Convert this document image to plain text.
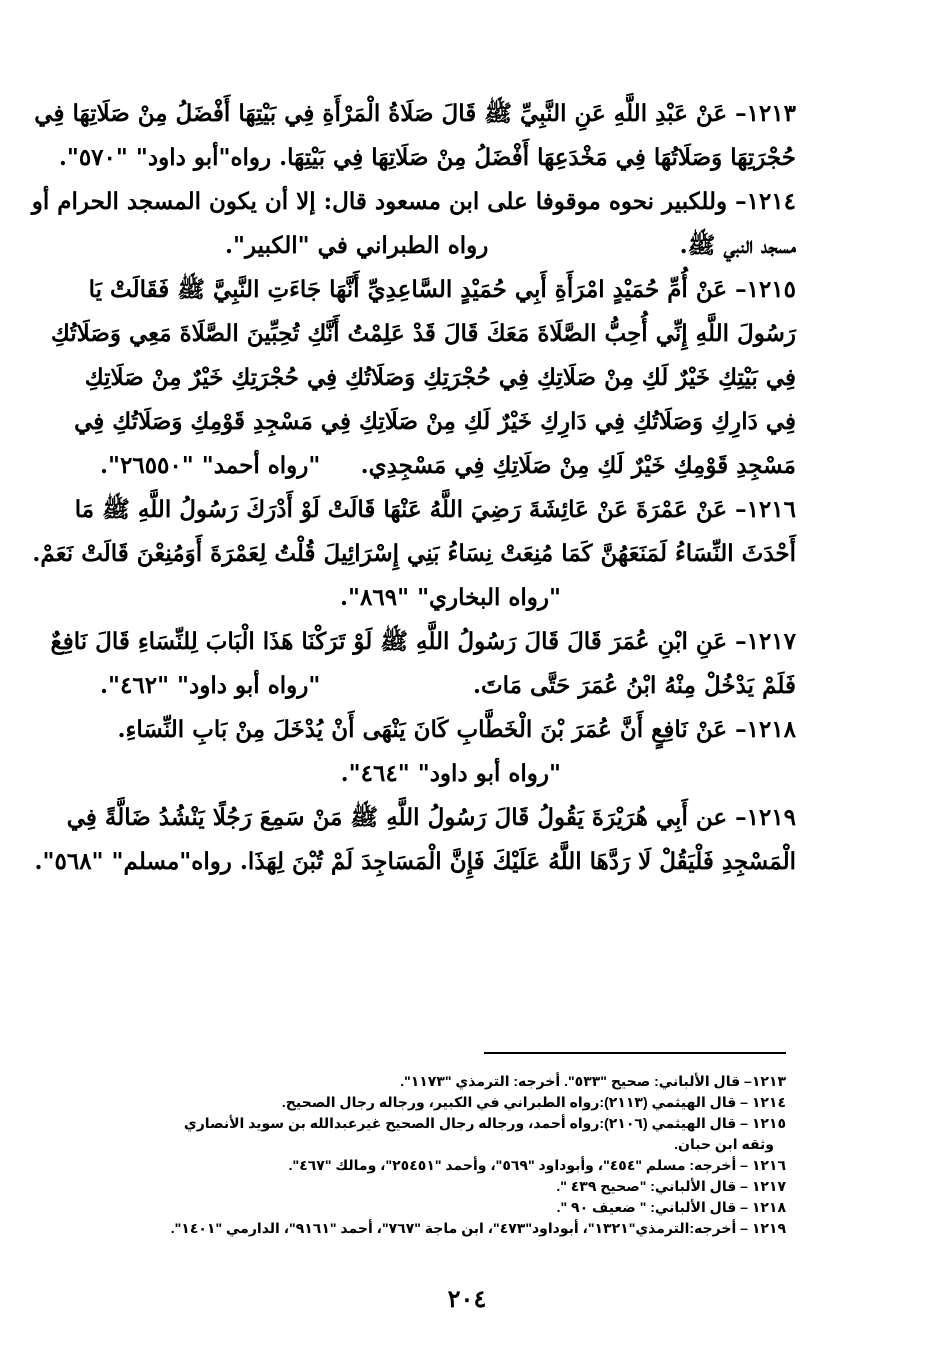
١٢١٣– عَنْ عَبْدِ اللَّهِ عَنِ النَّبِيِّ ﷺ قَالَ صَلَاةُ الْمَرْأَةِ فِي بَيْتِهَا أَفْضَلُ مِنْ صَلَاتِهَا فِي
حُجْرَتِهَا وَصَلَاتُهَا فِي مَخْدَعِهَا أَفْضَلُ مِنْ صَلَاتِهَا فِي بَيْتِهَا. رواه"أبو داود" "٥٧٠".
١٢١٤– وللكبير نحوه موقوفا على ابن مسعود قال: إلا أن يكون المسجد الحرام أو
مسجد النبي ﷺ.
رواه الطبراني في "الكبير".
١٢١٥– عَنْ أُمِّ حُمَيْدٍ امْرَأَةِ أَبِي حُمَيْدٍ السَّاعِدِيِّ أَنَّهَا جَاءَتِ النَّبِيَّ ﷺ فَقَالَتْ يَا
رَسُولَ اللَّهِ إِنِّي أُحِبُّ الصَّلَاةَ مَعَكَ قَالَ قَدْ عَلِمْتُ أَنَّكِ تُحِبِّينَ الصَّلَاةَ مَعِي وَصَلَاتُكِ
فِي بَيْتِكِ خَيْرٌ لَكِ مِنْ صَلَاتِكِ فِي حُجْرَتِكِ وَصَلَاتُكِ فِي حُجْرَتِكِ خَيْرٌ مِنْ صَلَاتِكِ
فِي دَارِكِ وَصَلَاتُكِ فِي دَارِكِ خَيْرٌ لَكِ مِنْ صَلَاتِكِ فِي مَسْجِدِ قَوْمِكِ وَصَلَاتُكِ فِي
مَسْجِدِ قَوْمِكِ خَيْرٌ لَكِ مِنْ صَلَاتِكِ فِي مَسْجِدِي.
"رواه أحمد" "٢٦٥٥٠".
١٢١٦– عَنْ عَمْرَةَ عَنْ عَائِشَةَ رَضِيَ اللَّهُ عَنْهَا قَالَتْ لَوْ أَدْرَكَ رَسُولُ اللَّهِ ﷺ مَا
أَحْدَثَ النِّسَاءُ لَمَنَعَهُنَّ كَمَا مُنِعَتْ نِسَاءُ بَنِي إِسْرَائِيلَ قُلْتُ لِعَمْرَةَ أَوَمُنِعْنَ قَالَتْ نَعَمْ.
"رواه البخاري" "٨٦٩".
١٢١٧– عَنِ ابْنِ عُمَرَ قَالَ قَالَ رَسُولُ اللَّهِ ﷺ لَوْ تَرَكْنَا هَذَا الْبَابَ لِلنِّسَاءِ قَالَ نَافِعٌ
فَلَمْ يَدْخُلْ مِنْهُ ابْنُ عُمَرَ حَتَّى مَاتَ.
"رواه أبو داود" "٤٦٢".
١٢١٨– عَنْ نَافِعٍ أَنَّ عُمَرَ بْنَ الْخَطَّابِ كَانَ يَنْهَى أَنْ يُدْخَلَ مِنْ بَابِ النِّسَاءِ.
"رواه أبو داود" "٤٦٤".
١٢١٩– عن أَبِي هُرَيْرَةَ يَقُولُ قَالَ رَسُولُ اللَّهِ ﷺ مَنْ سَمِعَ رَجُلًا يَنْشُدُ ضَالَّةً فِي
الْمَسْجِدِ فَلْيَقُلْ لَا رَدَّهَا اللَّهُ عَلَيْكَ فَإِنَّ الْمَسَاجِدَ لَمْ تُبْنَ لِهَذَا. رواه"مسلم" "٥٦٨".
١٢١٣– قال الألباني: صحيح "٥٣٣". أخرجه: الترمذي "١١٧٣".
١٢١٤ – قال الهيثمي (٢١١٣):رواه الطبراني في الكبير، ورجاله رجال الصحيح.
١٢١٥ – قال الهيثمي (٢١٠٦):رواه أحمد، ورجاله رجال الصحيح غيرعبدالله بن سويد الأنصاري
وثقه ابن حبان.
١٢١٦ – أخرجه: مسلم "٤٥٤"، وأبوداود "٥٦٩"، وأحمد "٢٥٤٥١"، ومالك "٤٦٧".
١٢١٧ – قال الألباني: "صحيح ٤٣٩ ".
١٢١٨ – قال الألباني: " ضعيف ٩٠ ".
١٢١٩ – أخرجه:الترمذي"١٣٢١"، أبوداود"٤٧٣"، ابن ماجة "٧٦٧"، أحمد "٩١٦١"، الدارمي "١٤٠١".
٢٠٤
